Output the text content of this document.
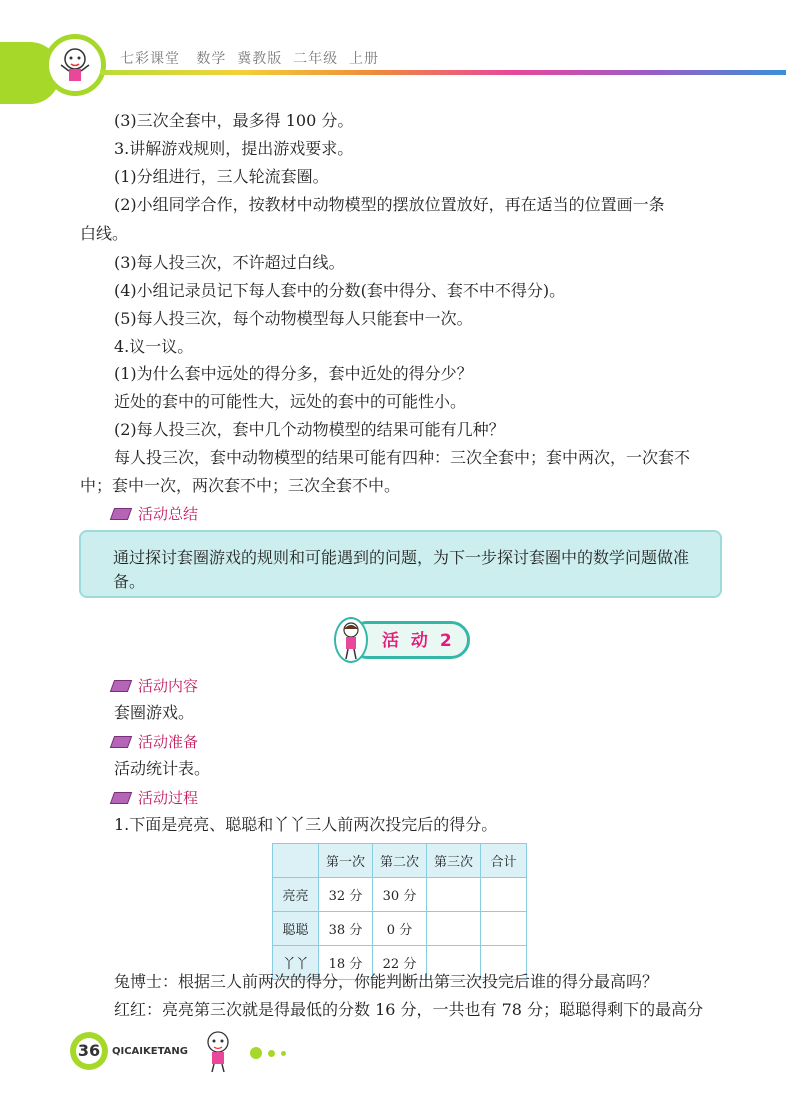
七彩课堂 数学  冀教版  二年级  上册
(3)三次全套中，最多得 100 分。
3.讲解游戏规则，提出游戏要求。
(1)分组进行，三人轮流套圈。
(2)小组同学合作，按教材中动物模型的摆放位置放好，再在适当的位置画一条
白线。
(3)每人投三次，不许超过白线。
(4)小组记录员记下每人套中的分数(套中得分、套不中不得分)。
(5)每人投三次，每个动物模型每人只能套中一次。
4.议一议。
(1)为什么套中远处的得分多，套中近处的得分少？
近处的套中的可能性大，远处的套中的可能性小。
(2)每人投三次，套中几个动物模型的结果可能有几种？
每人投三次，套中动物模型的结果可能有四种：三次全套中；套中两次，一次套不
中；套中一次，两次套不中；三次全套不中。
活动总结
通过探讨套圈游戏的规则和可能遇到的问题，为下一步探讨套圈中的数学问题做准备。
活 动 2
活动内容
套圈游戏。
活动准备
活动统计表。
活动过程
1.下面是亮亮、聪聪和丫丫三人前两次投完后的得分。
	第一次	第二次	第三次	合计
亮亮	32 分	30 分		
聪聪	38 分	0 分		
丫丫	18 分	22 分		
兔博士：根据三人前两次的得分，你能判断出第三次投完后谁的得分最高吗？
红红：亮亮第三次就是得最低的分数 16 分，一共也有 78 分；聪聪得剩下的最高分
36 QICAIKETANG
